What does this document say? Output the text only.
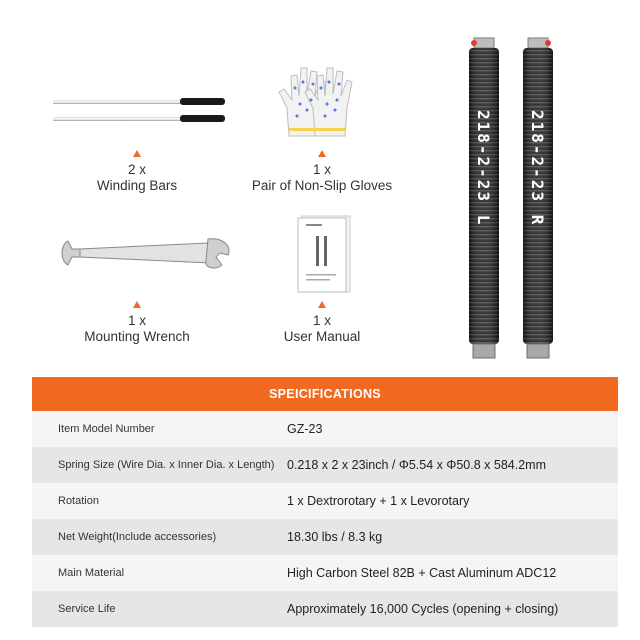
2 x
Winding Bars
1 x
Pair of Non-Slip Gloves
1 x
Mounting Wrench
1 x
User Manual
218-2-23 L 218-2-23 R
SPEICIFICATIONS
Item Model Number	GZ-23
Spring Size (Wire Dia. x Inner Dia. x Length)	0.218 x 2 x 23inch / Φ5.54 x Φ50.8 x 584.2mm
Rotation	1 x Dextrorotary + 1 x Levorotary
Net Weight(Include accessories)	18.30 lbs / 8.3 kg
Main Material	High Carbon Steel 82B + Cast Aluminum ADC12
Service Life	Approximately 16,000 Cycles (opening + closing)
